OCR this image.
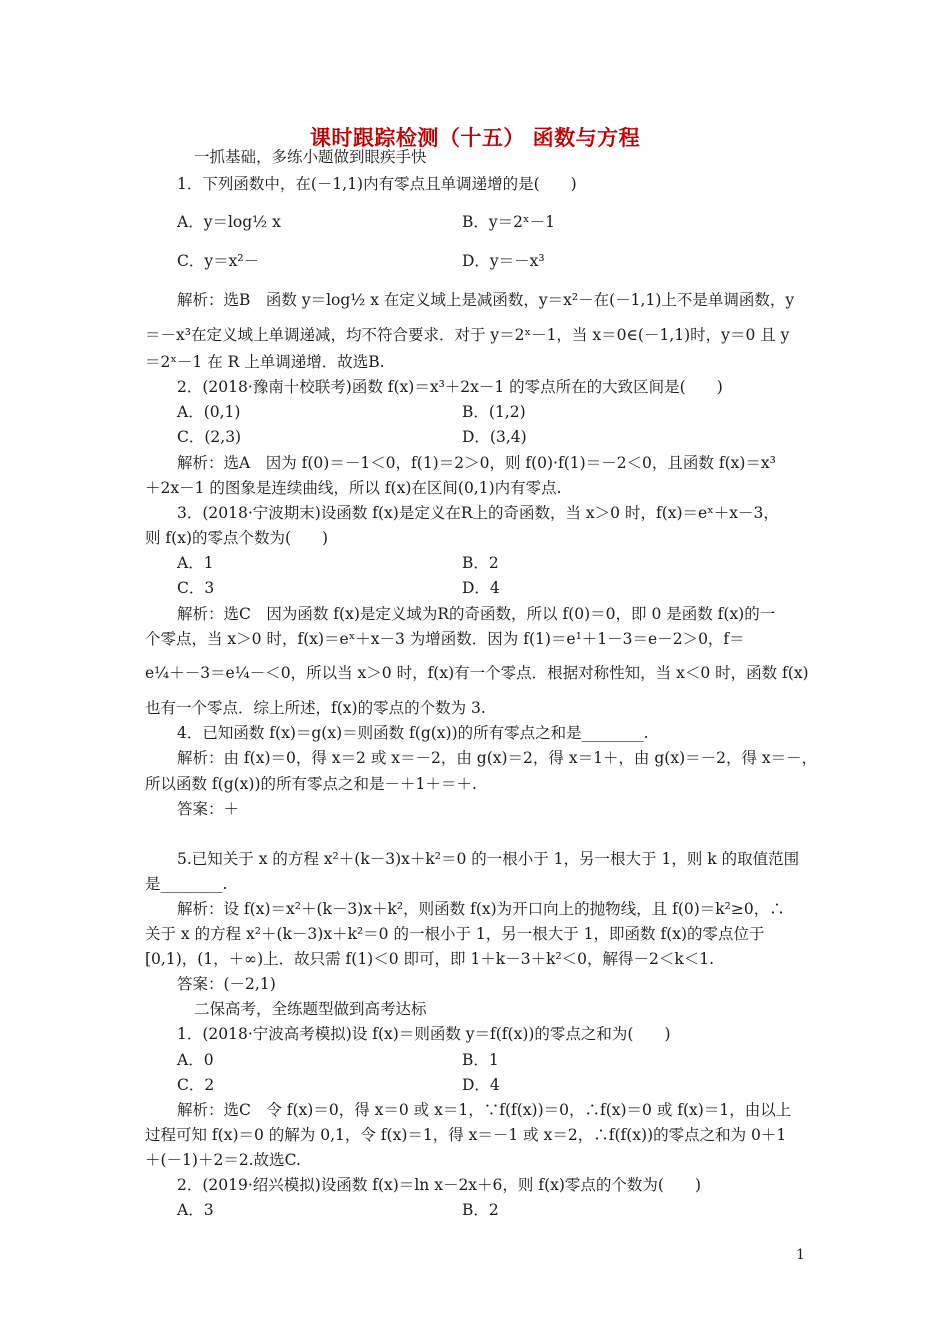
课时跟踪检测（十五） 函数与方程
一抓基础，多练小题做到眼疾手快
1．下列函数中，在(－1,1)内有零点且单调递增的是(　　)
A．y＝log½ x	B．y＝2ˣ－1
C．y＝x²－	D．y＝－x³
解析：选B　函数 y＝log½ x 在定义域上是减函数，y＝x²－在(－1,1)上不是单调函数，y
＝－x³在定义域上单调递减，均不符合要求．对于 y＝2ˣ－1，当 x＝0∈(－1,1)时，y＝0 且 y
＝2ˣ－1 在 R 上单调递增．故选B.
2．(2018·豫南十校联考)函数 f(x)＝x³＋2x－1 的零点所在的大致区间是(　　)
A．(0,1)	B．(1,2)
C．(2,3)	D．(3,4)
解析：选A　因为 f(0)＝－1＜0，f(1)＝2＞0，则 f(0)·f(1)＝－2＜0，且函数 f(x)＝x³
＋2x－1 的图象是连续曲线，所以 f(x)在区间(0,1)内有零点.
3．(2018·宁波期末)设函数 f(x)是定义在R上的奇函数，当 x＞0 时，f(x)＝eˣ＋x－3，
则 f(x)的零点个数为(　　)
A．1	B．2
C．3	D．4
解析：选C　因为函数 f(x)是定义域为R的奇函数，所以 f(0)＝0，即 0 是函数 f(x)的一
个零点，当 x＞0 时，f(x)＝eˣ＋x－3 为增函数．因为 f(1)＝e¹＋1－3＝e－2＞0，f＝
e¼＋－3＝e¼－＜0，所以当 x＞0 时，f(x)有一个零点．根据对称性知，当 x＜0 时，函数 f(x)
也有一个零点．综上所述，f(x)的零点的个数为 3.
4．已知函数 f(x)＝g(x)＝则函数 f(g(x))的所有零点之和是________.
解析：由 f(x)＝0，得 x＝2 或 x＝－2，由 g(x)＝2，得 x＝1＋，由 g(x)＝－2，得 x＝－，
所以函数 f(g(x))的所有零点之和是－＋1＋＝＋.
答案：＋
5.已知关于 x 的方程 x²＋(k－3)x＋k²＝0 的一根小于 1，另一根大于 1，则 k 的取值范围
是________.
解析：设 f(x)＝x²＋(k－3)x＋k²，则函数 f(x)为开口向上的抛物线，且 f(0)＝k²≥0，∴
关于 x 的方程 x²＋(k－3)x＋k²＝0 的一根小于 1，另一根大于 1，即函数 f(x)的零点位于
[0,1)，(1，＋∞)上．故只需 f(1)＜0 即可，即 1＋k－3＋k²＜0，解得－2＜k＜1.
答案：(－2,1)
二保高考，全练题型做到高考达标
1．(2018·宁波高考模拟)设 f(x)＝则函数 y＝f(f(x))的零点之和为(　　)
A．0	B．1
C．2	D．4
解析：选C　令 f(x)＝0，得 x＝0 或 x＝1，∵f(f(x))＝0，∴f(x)＝0 或 f(x)＝1，由以上
过程可知 f(x)＝0 的解为 0,1，令 f(x)＝1，得 x＝－1 或 x＝2，∴f(f(x))的零点之和为 0＋1
＋(－1)＋2＝2.故选C.
2．(2019·绍兴模拟)设函数 f(x)＝ln x－2x＋6，则 f(x)零点的个数为(　　)
A．3	B．2
1
